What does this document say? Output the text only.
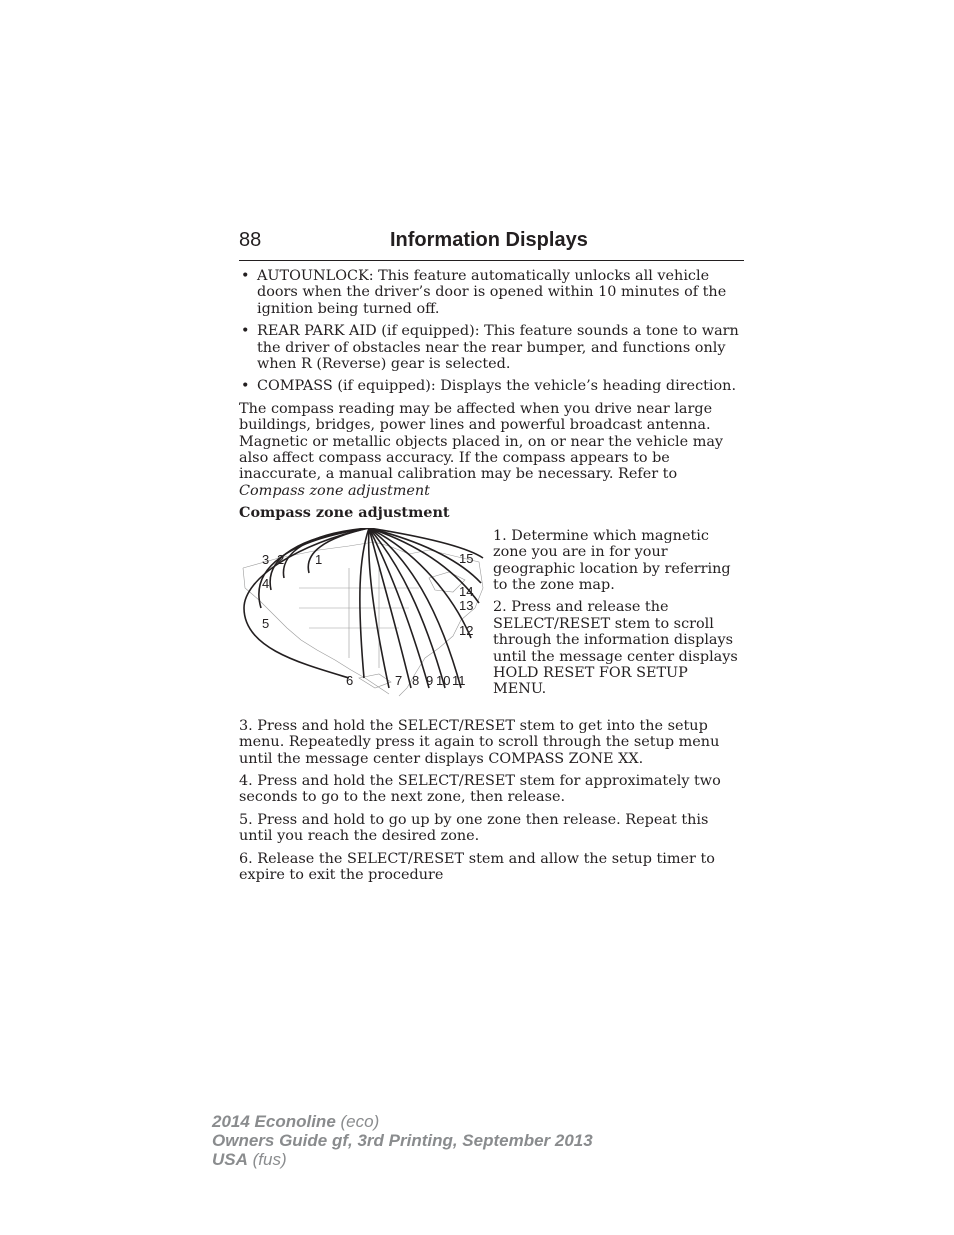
88	Information Displays
• AUTOUNLOCK: This feature automatically unlocks all vehicle doors when the driver’s door is opened within 10 minutes of the ignition being turned off.
• REAR PARK AID (if equipped): This feature sounds a tone to warn the driver of obstacles near the rear bumper, and functions only when R (Reverse) gear is selected.
• COMPASS (if equipped): Displays the vehicle’s heading direction.

The compass reading may be affected when you drive near large buildings, bridges, power lines and powerful broadcast antenna. Magnetic or metallic objects placed in, on or near the vehicle may also affect compass accuracy. If the compass appears to be inaccurate, a manual calibration may be necessary. Refer to Compass zone adjustment

Compass zone adjustment
1
2
3
4
5
6	7 8 9 10 11
12
13
14
15

1. Determine which magnetic zone you are in for your geographic location by referring to the zone map.

2. Press and release the SELECT/RESET stem to scroll through the information displays until the message center displays HOLD RESET FOR SETUP MENU.

3. Press and hold the SELECT/RESET stem to get into the setup menu. Repeatedly press it again to scroll through the setup menu until the message center displays COMPASS ZONE XX.

4. Press and hold the SELECT/RESET stem for approximately two seconds to go to the next zone, then release.

5. Press and hold to go up by one zone then release. Repeat this until you reach the desired zone.

6. Release the SELECT/RESET stem and allow the setup timer to expire to exit the procedure

2014 Econoline (eco)
Owners Guide gf, 3rd Printing, September 2013
USA (fus)
